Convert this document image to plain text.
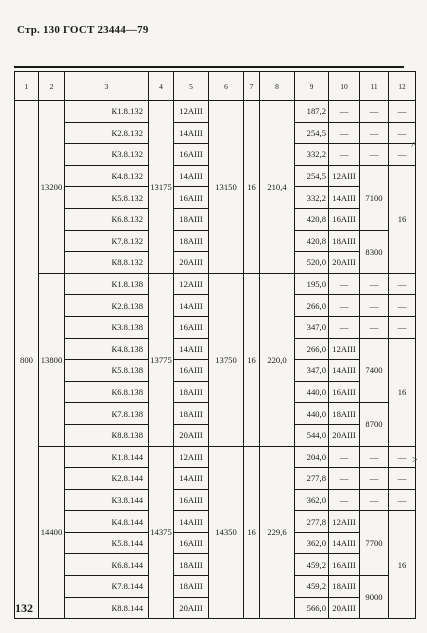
Стр. 130 ГОСТ 23444—79
1	2	3	4	5	6	7	8	9	10	11	12
800	13200	К1.8.132	13175	12АIII	13150	16	210,4	187,2	—	—	—
		К2.8.132		14АIII				254,5	—	—	—
		К3.8.132		16АIII				332,2	—	—	—
		К4.8.132		14АIII				254,5	12АIII	7100	16
		К5.8.132		16АIII				332,2	14АIII		
		К6.8.132		18АIII				420,8	16АIII		
		К7.8.132		18АIII				420,8	18АIII	8300	
		К8.8.132		20АIII				520,0	20АIII		
	13800	К1.8.138	13775	12АIII	13750	16	220,0	195,0	—	—	—
		К2.8.138		14АIII				266,0	—	—	—
		К3.8.138		16АIII				347,0	—	—	—
		К4.8.138		14АIII				266,0	12АIII	7400	16
		К5.8.138		16АIII				347,0	14АIII		
		К6.8.138		18АIII				440,0	16АIII		
		К7.8.138		18АIII				440,0	18АIII	8700	
		К8.8.138		20АIII				544,0	20АIII		
	14400	К1.8.144	14375	12АIII	14350	16	229,6	204,0	—	—	—
		К2.8.144		14АIII				277,8	—	—	—
		К3.8.144		16АIII				362,0	—	—	—
		К4.8.144		14АIII				277,8	12АIII	7700	16
		К5.8.144		16АIII				362,0	14АIII		
		К6.8.144		18АIII				459,2	16АIII		
		К7.8.144		18АIII				459,2	18АIII	9000	
		К8.8.144		20АIII				566,0	20АIII		
132
˄
˃
